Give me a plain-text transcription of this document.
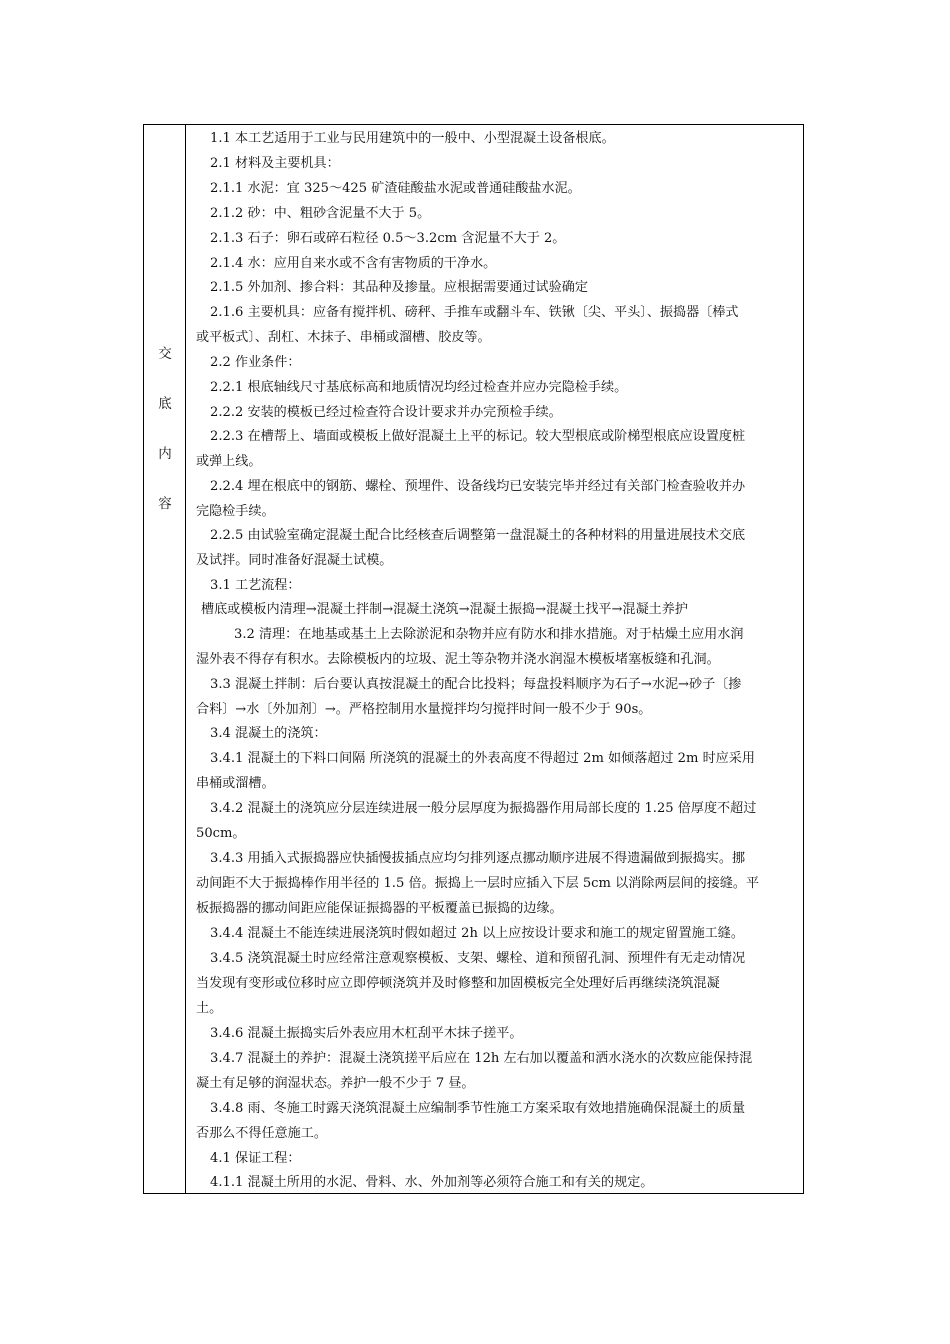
交
底
内
容
1.1 本工艺适用于工业与民用建筑中的一般中、小型混凝土设备根底。
2.1 材料及主要机具：
2.1.1 水泥：宜 325～425 矿渣硅酸盐水泥或普通硅酸盐水泥。
2.1.2 砂：中、粗砂含泥量不大于 5。
2.1.3 石子：卵石或碎石粒径 0.5～3.2cm 含泥量不大于 2。
2.1.4 水：应用自来水或不含有害物质的干净水。
2.1.5 外加剂、掺合料：其品种及掺量。应根据需要通过试验确定
2.1.6 主要机具：应备有搅拌机、磅秤、手推车或翻斗车、铁锹〔尖、平头〕、振捣器〔棒式
或平板式〕、刮杠、木抹子、串桶或溜槽、胶皮等。
2.2 作业条件：
2.2.1 根底轴线尺寸基底标高和地质情况均经过检查并应办完隐检手续。
2.2.2 安装的模板已经过检查符合设计要求并办完预检手续。
2.2.3 在槽帮上、墙面或模板上做好混凝土上平的标记。较大型根底或阶梯型根底应设置度桩
或弹上线。
2.2.4 埋在根底中的钢筋、螺栓、预埋件、设备线均已安装完毕并经过有关部门检查验收并办
完隐检手续。
2.2.5 由试验室确定混凝土配合比经核查后调整第一盘混凝土的各种材料的用量进展技术交底
及试拌。同时准备好混凝土试模。
3.1 工艺流程：
槽底或模板内清理→混凝土拌制→混凝土浇筑→混凝土振捣→混凝土找平→混凝土养护
3.2 清理：在地基或基土上去除淤泥和杂物并应有防水和排水措施。对于枯燥土应用水润
湿外表不得存有积水。去除模板内的垃圾、泥土等杂物并浇水润湿木模板堵塞板缝和孔洞。
3.3 混凝土拌制：后台要认真按混凝土的配合比投料；每盘投料顺序为石子→水泥→砂子〔掺
合料〕→水〔外加剂〕→。严格控制用水量搅拌均匀搅拌时间一般不少于 90s。
3.4 混凝土的浇筑：
3.4.1 混凝土的下料口间隔 所浇筑的混凝土的外表高度不得超过 2m 如倾落超过 2m 时应采用
串桶或溜槽。
3.4.2 混凝土的浇筑应分层连续进展一般分层厚度为振捣器作用局部长度的 1.25 倍厚度不超过
50cm。
3.4.3 用插入式振捣器应快插慢拔插点应均匀排列逐点挪动顺序进展不得遗漏做到振捣实。挪
动间距不大于振捣棒作用半径的 1.5 倍。振捣上一层时应插入下层 5cm 以消除两层间的接缝。平
板振捣器的挪动间距应能保证振捣器的平板覆盖已振捣的边缘。
3.4.4 混凝土不能连续进展浇筑时假如超过 2h 以上应按设计要求和施工的规定留置施工缝。
3.4.5 浇筑混凝土时应经常注意观察模板、支架、螺栓、道和预留孔洞、预埋件有无走动情况
当发现有变形或位移时应立即停顿浇筑并及时修整和加固模板完全处理好后再继续浇筑混凝
土。
3.4.6 混凝土振捣实后外表应用木杠刮平木抹子搓平。
3.4.7 混凝土的养护：混凝土浇筑搓平后应在 12h 左右加以覆盖和洒水浇水的次数应能保持混
凝土有足够的润湿状态。养护一般不少于 7 昼。
3.4.8 雨、冬施工时露天浇筑混凝土应编制季节性施工方案采取有效地措施确保混凝土的质量
否那么不得任意施工。
4.1 保证工程：
4.1.1 混凝土所用的水泥、骨料、水、外加剂等必须符合施工和有关的规定。
